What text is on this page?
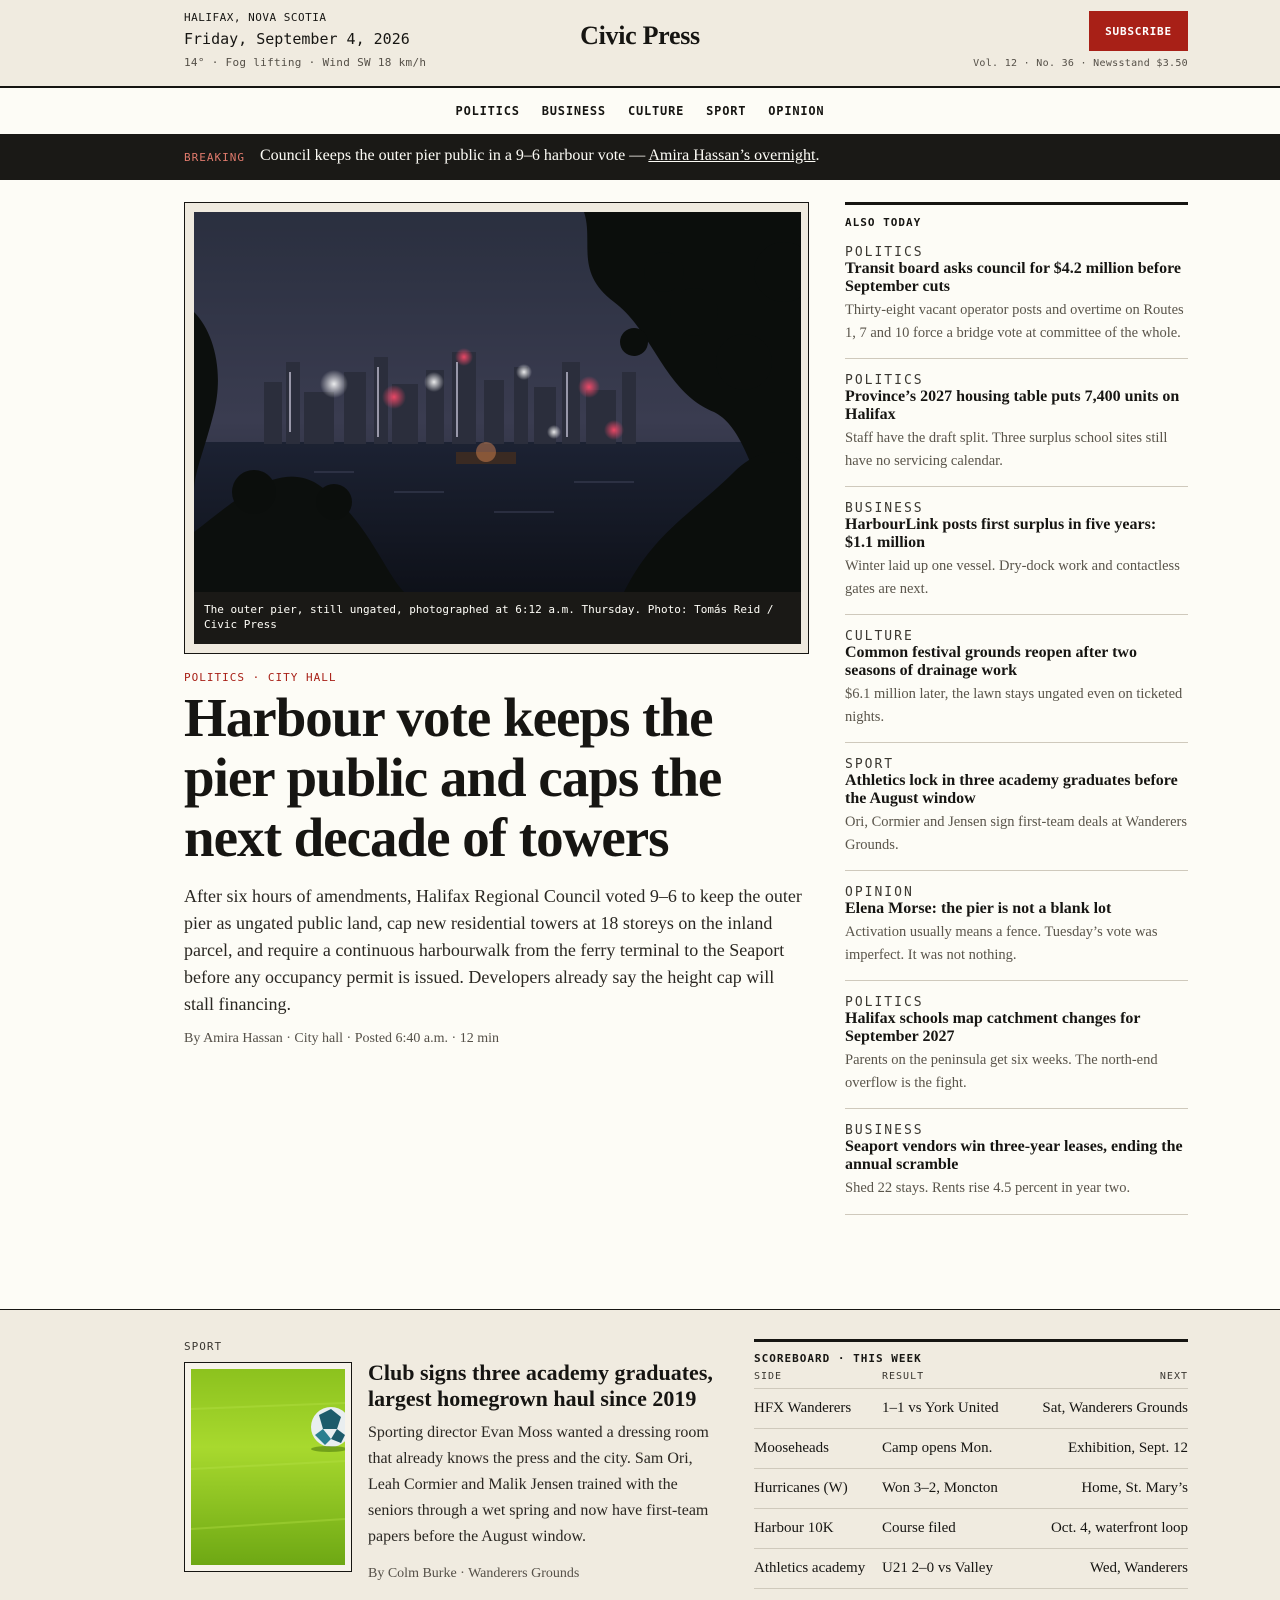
HALIFAX, NOVA SCOTIA
Friday, September 4, 2026
14° · Fog lifting · Wind SW 18 km/h
Civic Press	SUBSCRIBE
Vol. 12 · No. 36 · Newsstand $3.50
POLITICS BUSINESS CULTURE SPORT OPINION
BREAKING Council keeps the outer pier public in a 9–6 harbour vote — Amira Hassan’s overnight.
The outer pier, still ungated, photographed at 6:12 a.m. Thursday. Photo: Tomás Reid / Civic Press
POLITICS · CITY HALL
Harbour vote keeps the pier public and caps the next decade of towers

After six hours of amendments, Halifax Regional Council voted 9–6 to keep the outer pier as ungated public land, cap new residential towers at 18 storeys on the inland parcel, and require a continuous harbourwalk from the ferry terminal to the Seaport before any occupancy permit is issued. Developers already say the height cap will stall financing.

By Amira Hassan · City hall · Posted 6:40 a.m. · 12 min
ALSO TODAY
POLITICS
Transit board asks council for $4.2 million before September cuts
Thirty-eight vacant operator posts and overtime on Routes 1, 7 and 10 force a bridge vote at committee of the whole.
POLITICS
Province’s 2027 housing table puts 7,400 units on Halifax
Staff have the draft split. Three surplus school sites still have no servicing calendar.
BUSINESS
HarbourLink posts first surplus in five years: $1.1 million
Winter laid up one vessel. Dry-dock work and contactless gates are next.
CULTURE
Common festival grounds reopen after two seasons of drainage work
$6.1 million later, the lawn stays ungated even on ticketed nights.
SPORT
Athletics lock in three academy graduates before the August window
Ori, Cormier and Jensen sign first-team deals at Wanderers Grounds.
OPINION
Elena Morse: the pier is not a blank lot
Activation usually means a fence. Tuesday’s vote was imperfect. It was not nothing.
POLITICS
Halifax schools map catchment changes for September 2027
Parents on the peninsula get six weeks. The north-end overflow is the fight.
BUSINESS
Seaport vendors win three-year leases, ending the annual scramble
Shed 22 stays. Rents rise 4.5 percent in year two.
SPORT
Club signs three academy graduates, largest homegrown haul since 2019

Sporting director Evan Moss wanted a dressing room that already knows the press and the city. Sam Ori, Leah Cormier and Malik Jensen trained with the seniors through a wet spring and now have first-team papers before the August window.

By Colm Burke · Wanderers Grounds
SCOREBOARD · THIS WEEK
SIDE	RESULT	NEXT
HFX Wanderers	1–1 vs York United	Sat, Wanderers Grounds
Mooseheads	Camp opens Mon.	Exhibition, Sept. 12
Hurricanes (W)	Won 3–2, Moncton	Home, St. Mary’s
Harbour 10K	Course filed	Oct. 4, waterfront loop
Athletics academy	U21 2–0 vs Valley	Wed, Wanderers
